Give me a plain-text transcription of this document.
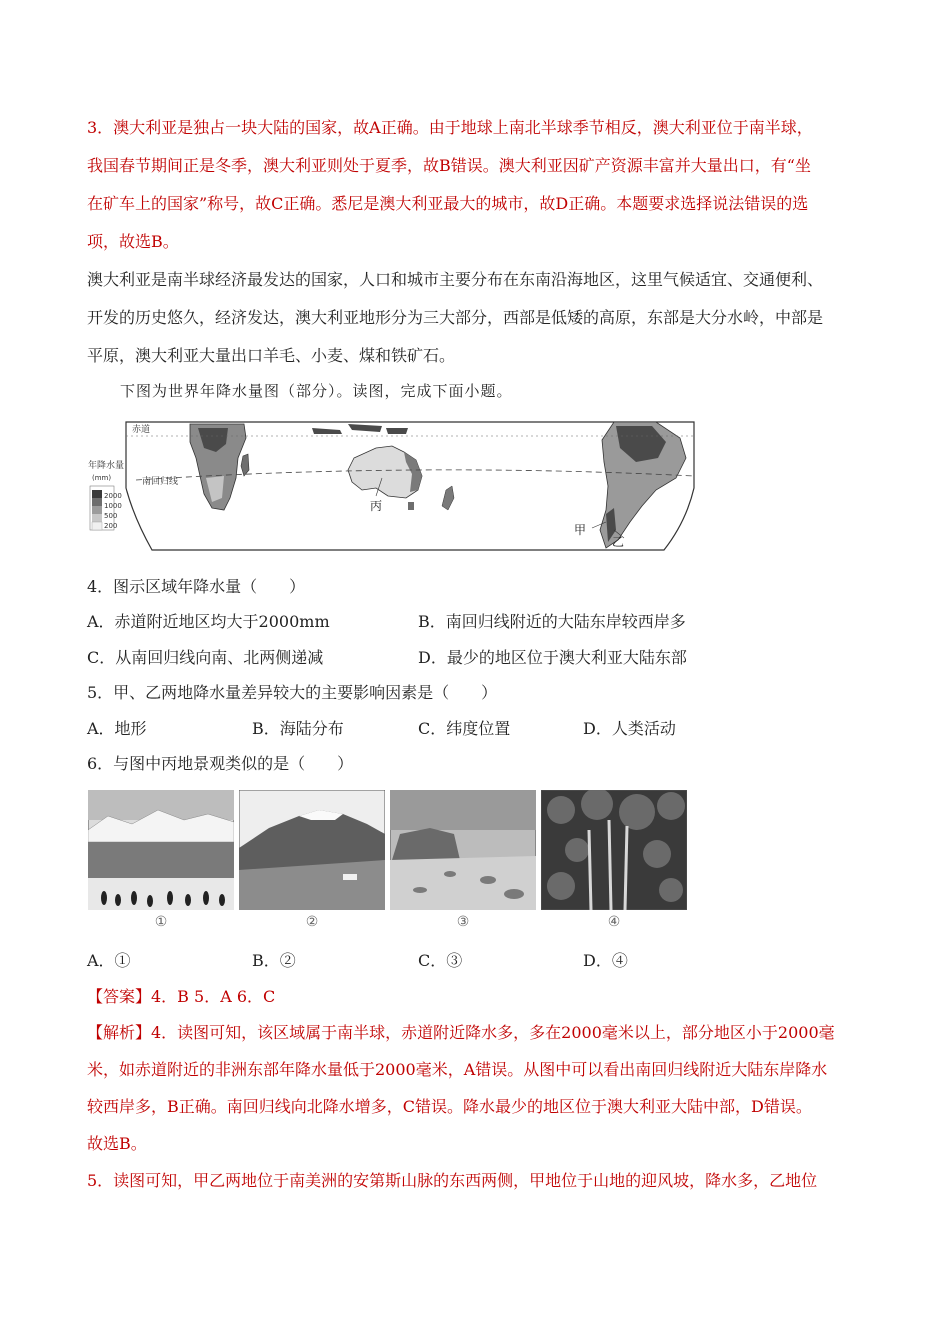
3．澳大利亚是独占一块大陆的国家，故A正确。由于地球上南北半球季节相反，澳大利亚位于南半球，
我国春节期间正是冬季，澳大利亚则处于夏季，故B错误。澳大利亚因矿产资源丰富并大量出口，有“坐
在矿车上的国家”称号，故C正确。悉尼是澳大利亚最大的城市，故D正确。本题要求选择说法错误的选
项，故选B。
澳大利亚是南半球经济最发达的国家，人口和城市主要分布在东南沿海地区，这里气候适宜、交通便利、
开发的历史悠久，经济发达，澳大利亚地形分为三大部分，西部是低矮的高原，东部是大分水岭，中部是
平原，澳大利亚大量出口羊毛、小麦、煤和铁矿石。
下图为世界年降水量图（部分）。读图，完成下面小题。
赤道
年降水量
(mm)	南回归线
2000
1000
500
200
丙
甲
乙
4．图示区域年降水量（　　）
A．赤道附近地区均大于2000mm	B．南回归线附近的大陆东岸较西岸多
C．从南回归线向南、北两侧递减	D．最少的地区位于澳大利亚大陆东部
5．甲、乙两地降水量差异较大的主要影响因素是（　　）
A．地形	B．海陆分布	C．纬度位置	D．人类活动
6．与图中丙地景观类似的是（　　）
①	②	③	④
A．①	B．②	C．③	D．④
【答案】4．B 5．A 6．C
【解析】4．读图可知，该区域属于南半球，赤道附近降水多，多在2000毫米以上，部分地区小于2000毫
米，如赤道附近的非洲东部年降水量低于2000毫米，A错误。从图中可以看出南回归线附近大陆东岸降水
较西岸多，B正确。南回归线向北降水增多，C错误。降水最少的地区位于澳大利亚大陆中部，D错误。
故选B。
5．读图可知，甲乙两地位于南美洲的安第斯山脉的东西两侧，甲地位于山地的迎风坡，降水多，乙地位
